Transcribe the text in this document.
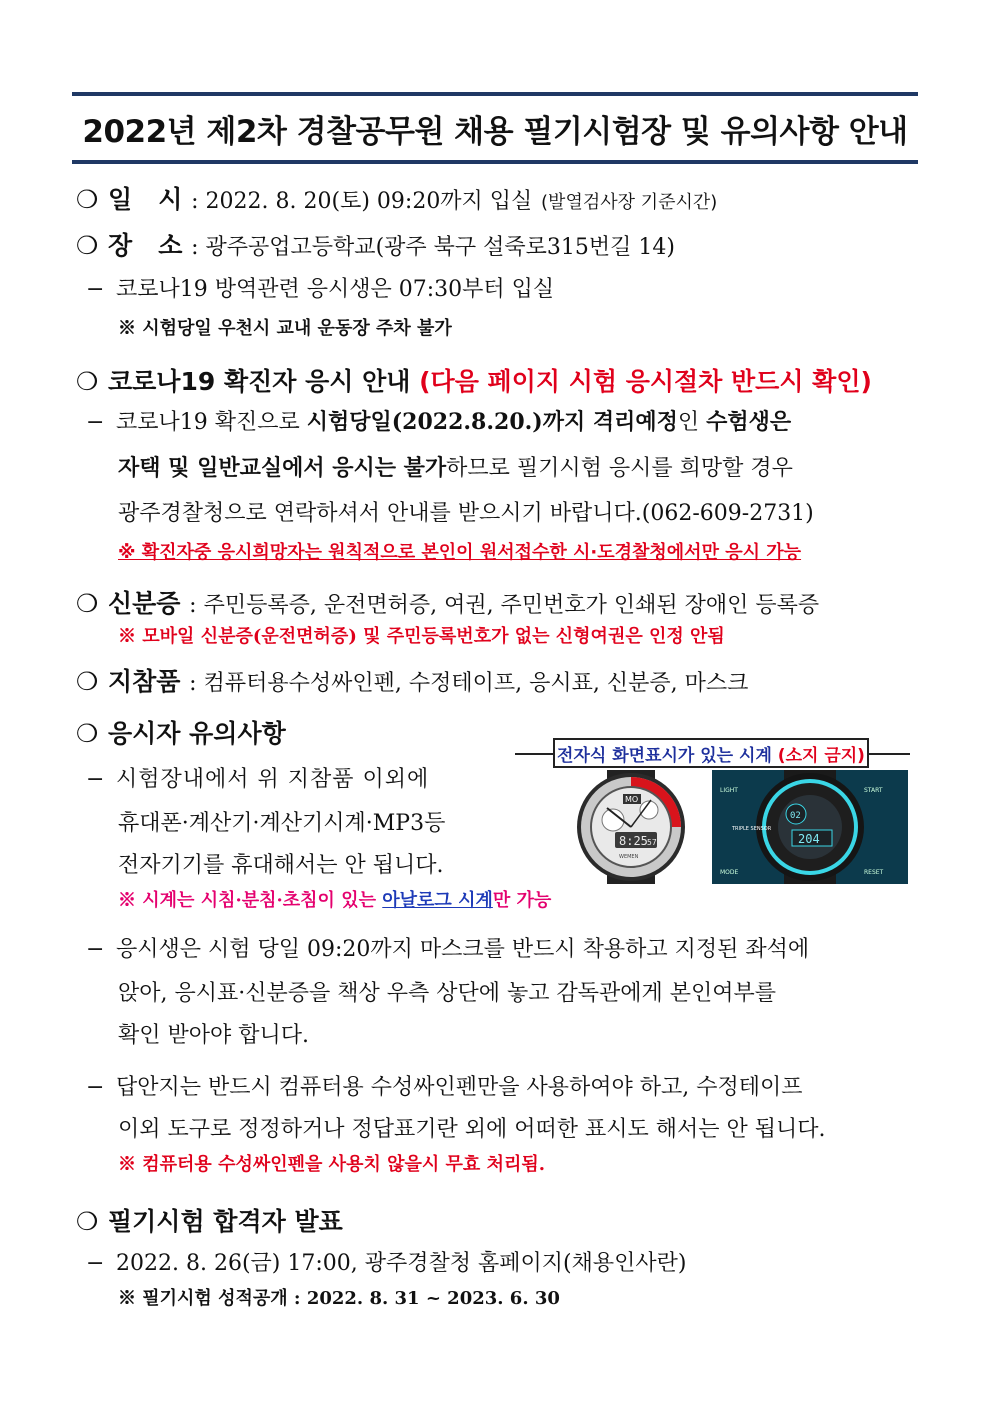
2022년 제2차 경찰공무원 채용 필기시험장 및 유의사항 안내
❍ 일   시 : 2022. 8. 20(토) 09:20까지 입실 (발열검사장 기준시간)
❍ 장   소 : 광주공업고등학교(광주 북구 설죽로315번길 14)
− 코로나19 방역관련 응시생은 07:30부터 입실
※ 시험당일 우천시 교내 운동장 주차 불가
❍ 코로나19 확진자 응시 안내 (다음 페이지 시험 응시절차 반드시 확인)
− 코로나19 확진으로 시험당일(2022.8.20.)까지 격리예정인 수험생은
자택 및 일반교실에서 응시는 불가하므로 필기시험 응시를 희망할 경우
광주경찰청으로 연락하셔서 안내를 받으시기 바랍니다.(062-609-2731)
※ 확진자중 응시희망자는 원칙적으로 본인이 원서접수한 시·도경찰청에서만 응시 가능
❍ 신분증 : 주민등록증, 운전면허증, 여권, 주민번호가 인쇄된 장애인 등록증
※ 모바일 신분증(운전면허증) 및 주민등록번호가 없는 신형여권은 인정 안됨
❍ 지참품 : 컴퓨터용수성싸인펜, 수정테이프, 응시표, 신분증, 마스크
❍ 응시자 유의사항
전자식 화면표시가 있는 시계
(소지 금지)
8:25 57
MO
WEMEN
204
02
LIGHT	START
MODE	RESET
TRIPLE SENSOR
− 시험장내에서 위 지참품 이외에
휴대폰·계산기·계산기시계·MP3등
전자기기를 휴대해서는 안 됩니다.
※ 시계는 시침·분침·초침이 있는 아날로그 시계만 가능
− 응시생은 시험 당일 09:20까지 마스크를 반드시 착용하고 지정된 좌석에
앉아, 응시표·신분증을 책상 우측 상단에 놓고 감독관에게 본인여부를
확인 받아야 합니다.
− 답안지는 반드시 컴퓨터용 수성싸인펜만을 사용하여야 하고, 수정테이프
이외 도구로 정정하거나 정답표기란 외에 어떠한 표시도 해서는 안 됩니다.
※ 컴퓨터용 수성싸인펜을 사용치 않을시 무효 처리됨.
❍ 필기시험 합격자 발표
− 2022. 8. 26(금) 17:00, 광주경찰청 홈페이지(채용인사란)
※ 필기시험 성적공개 : 2022. 8. 31 ~ 2023. 6. 30
